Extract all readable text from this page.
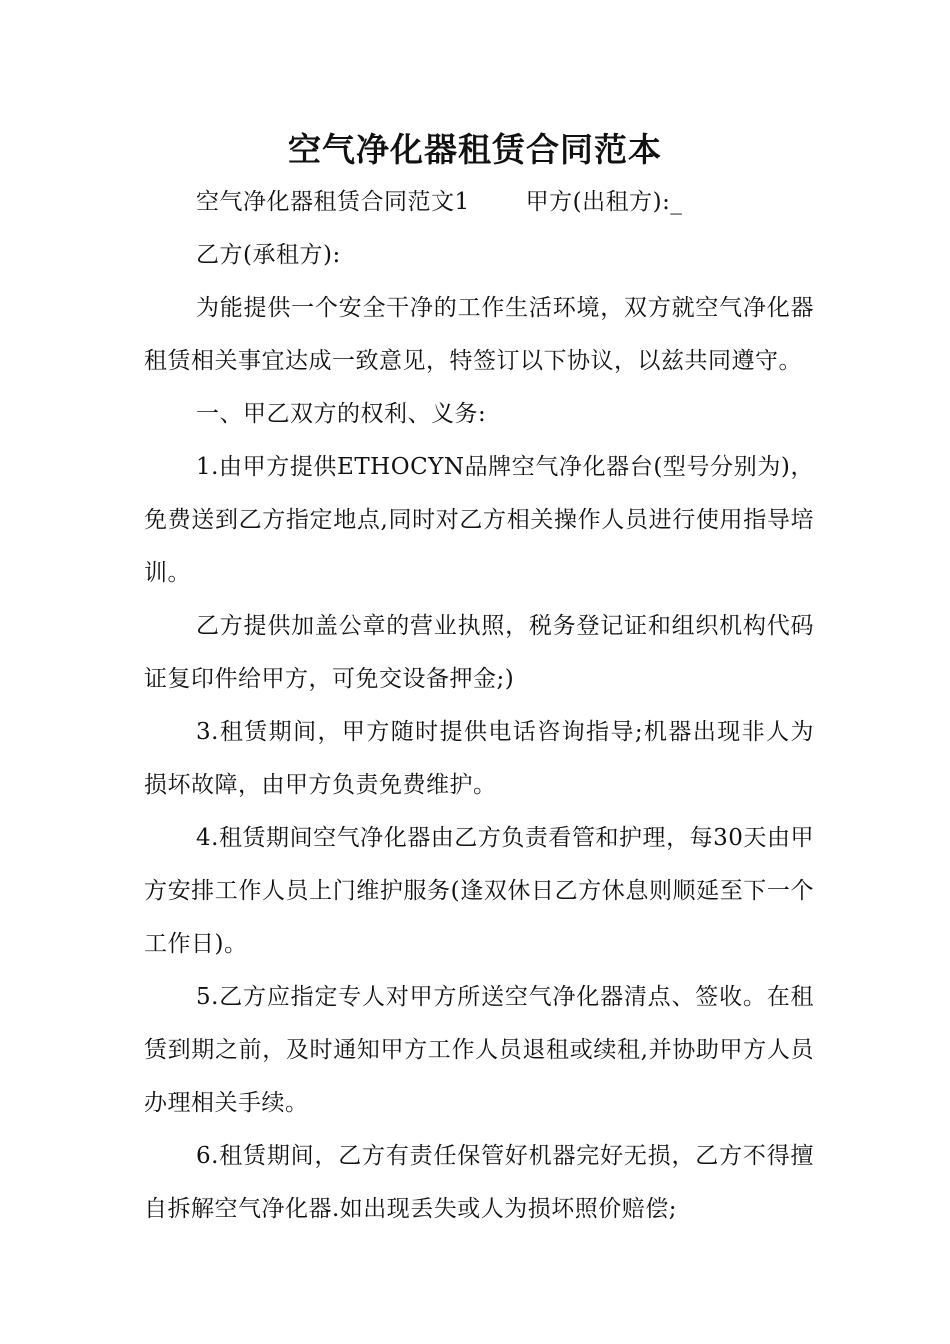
空气净化器租赁合同范本

空气净化器租赁合同范文1 甲方(出租方):_

乙方(承租方):

为能提供一个安全干净的工作生活环境，双方就空气净化器租赁相关事宜达成一致意见，特签订以下协议，以兹共同遵守。

一、甲乙双方的权利、义务:

1.由甲方提供ETHOCYN品牌空气净化器台(型号分别为)，免费送到乙方指定地点,同时对乙方相关操作人员进行使用指导培训。

乙方提供加盖公章的营业执照，税务登记证和组织机构代码证复印件给甲方，可免交设备押金;)

3.租赁期间，甲方随时提供电话咨询指导;机器出现非人为损坏故障，由甲方负责免费维护。

4.租赁期间空气净化器由乙方负责看管和护理，每30天由甲方安排工作人员上门维护服务(逢双休日乙方休息则顺延至下一个工作日)。

5.乙方应指定专人对甲方所送空气净化器清点、签收。在租赁到期之前，及时通知甲方工作人员退租或续租,并协助甲方人员办理相关手续。

6.租赁期间，乙方有责任保管好机器完好无损，乙方不得擅自拆解空气净化器.如出现丢失或人为损坏照价赔偿;
